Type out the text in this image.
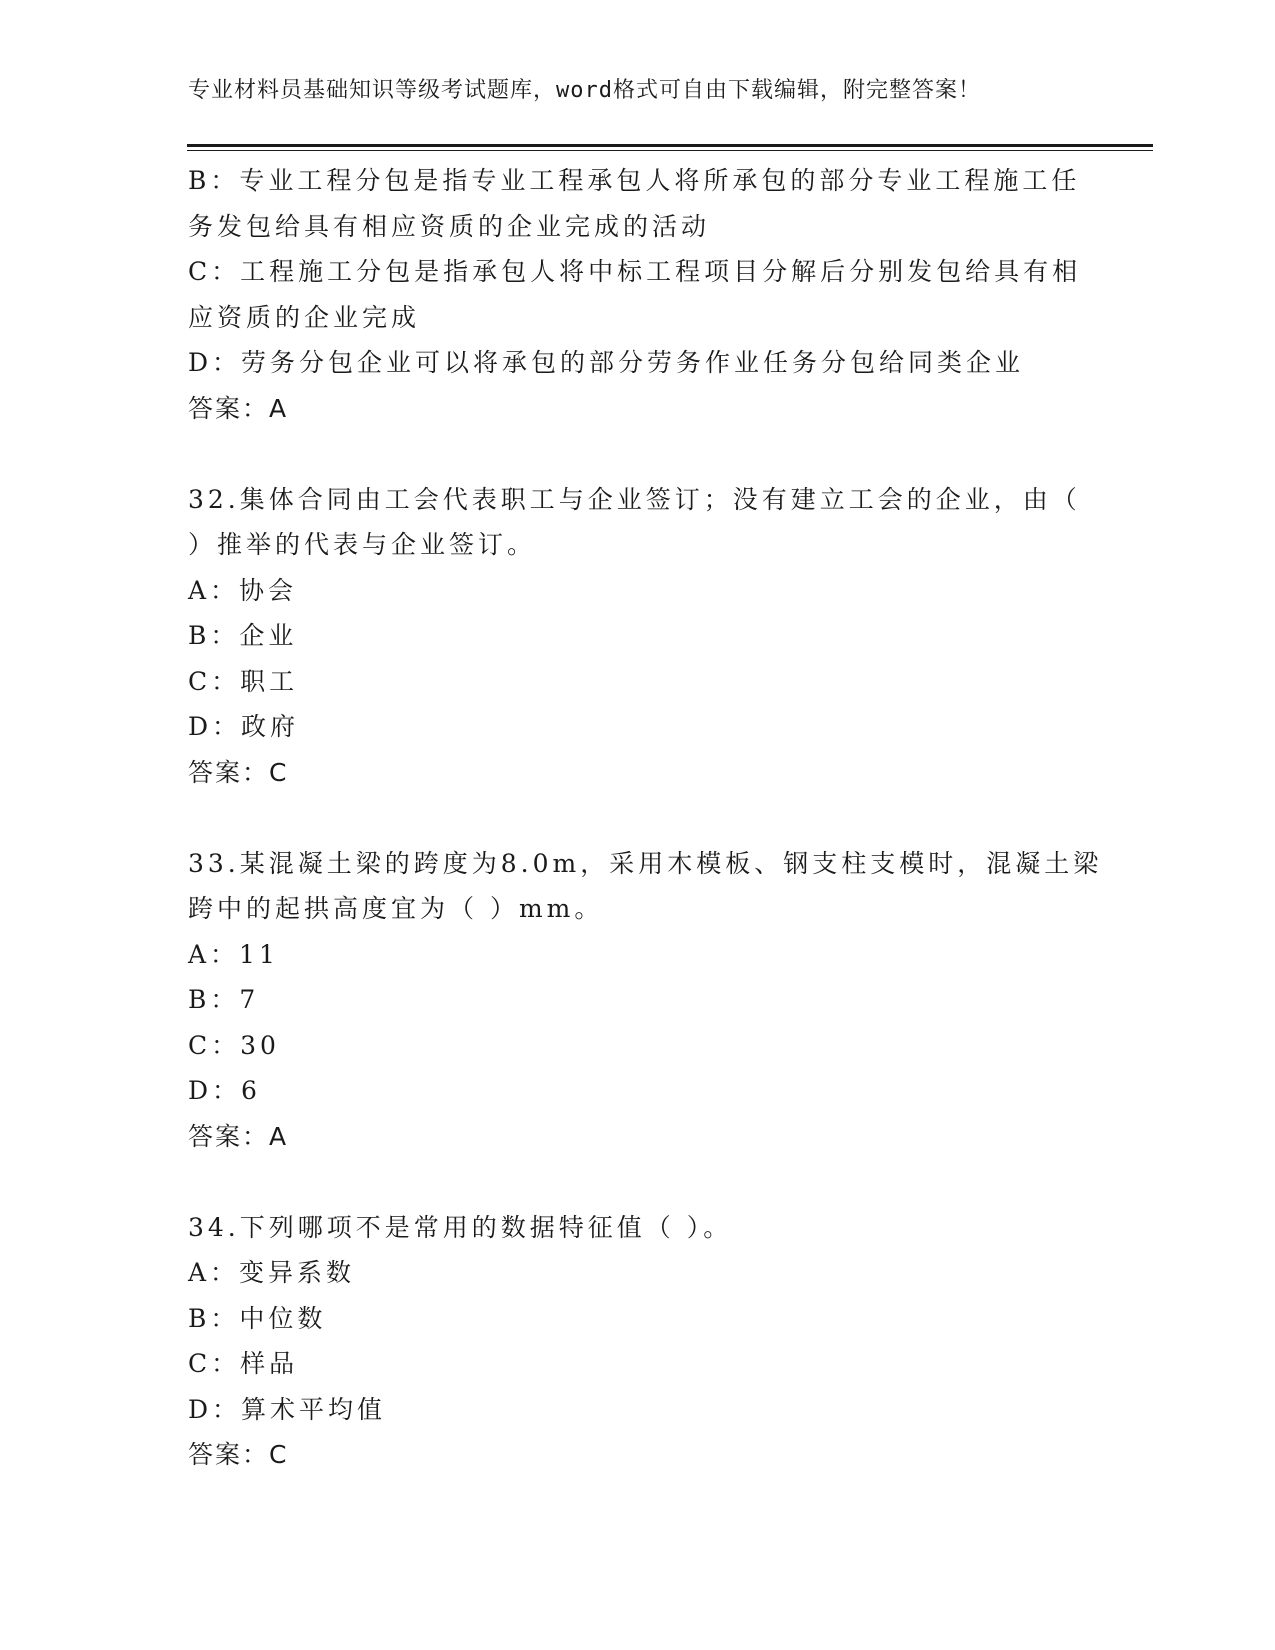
专业材料员基础知识等级考试题库，word格式可自由下载编辑，附完整答案！
B：专业工程分包是指专业工程承包人将所承包的部分专业工程施工任
务发包给具有相应资质的企业完成的活动
C：工程施工分包是指承包人将中标工程项目分解后分别发包给具有相
应资质的企业完成
D：劳务分包企业可以将承包的部分劳务作业任务分包给同类企业
答案：A
32.集体合同由工会代表职工与企业签订；没有建立工会的企业，由（
）推举的代表与企业签订。
A：协会
B：企业
C：职工
D：政府
答案：C
33.某混凝土梁的跨度为8.0m，采用木模板、钢支柱支模时，混凝土梁
跨中的起拱高度宜为（ ）mm。
A：11
B：7
C：30
D：6
答案：A
34.下列哪项不是常用的数据特征值（ ）。
A：变异系数
B：中位数
C：样品
D：算术平均值
答案：C
